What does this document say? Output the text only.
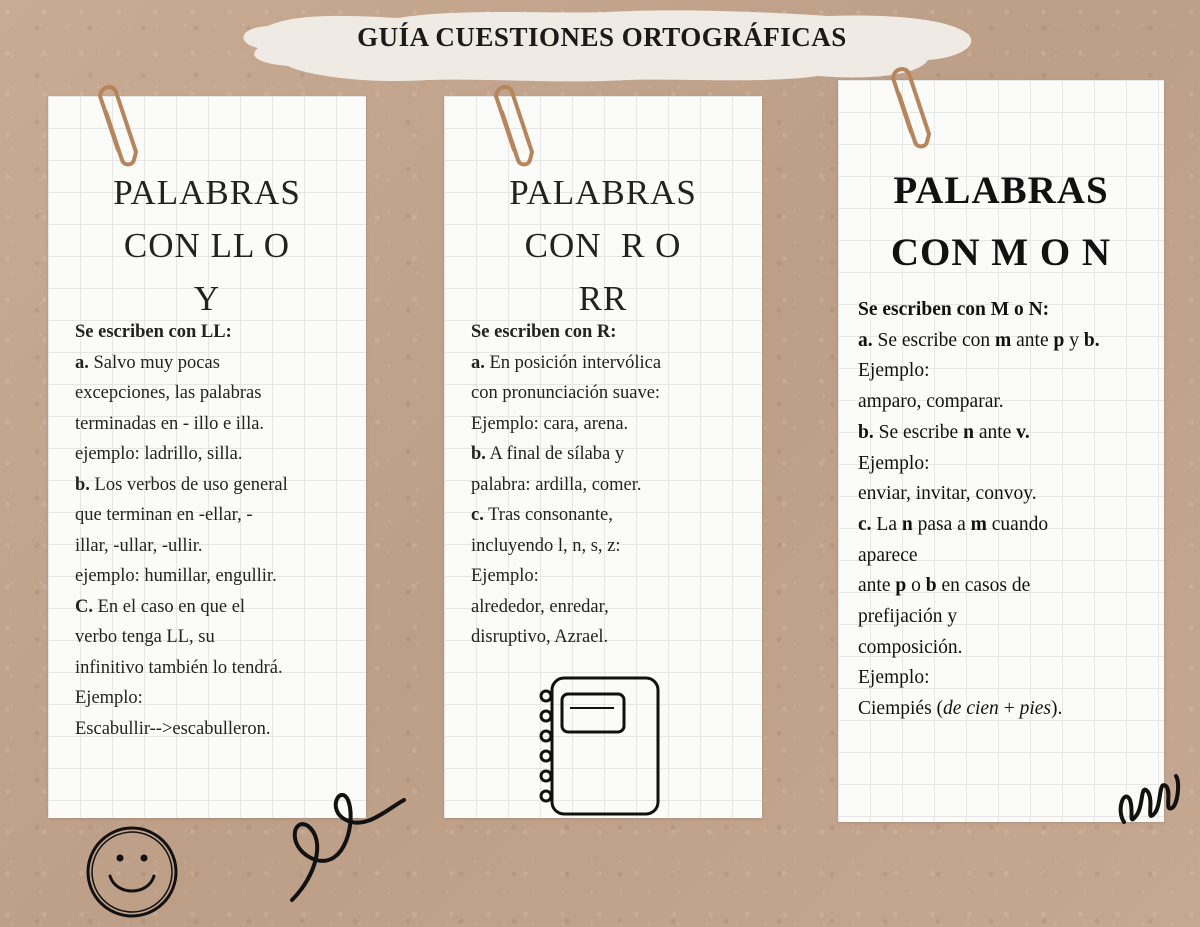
GUÍA CUESTIONES ORTOGRÁFICAS
PALABRAS
CON LL O
Y

Se escriben con LL:

a. Salvo muy pocas

excepciones, las palabras

terminadas en - illo e illa.

ejemplo: ladrillo, silla.

b. Los verbos de uso general

que terminan en -ellar, -

illar, -ullar, -ullir.

ejemplo: humillar, engullir.

C. En el caso en que el

verbo tenga LL, su

infinitivo también lo tendrá.

Ejemplo:

Escabullir-->escabulleron.

PALABRAS
CON  R O
RR

Se escriben con R:

a. En posición intervólica

con pronunciación suave:

Ejemplo: cara, arena.

b. A final de sílaba y

palabra: ardilla, comer.

c. Tras consonante,

incluyendo l, n, s, z:

Ejemplo:

alrededor, enredar,

disruptivo, Azrael.

PALABRAS
CON M O N

Se escriben con M o N:

a. Se escribe con m ante p y b.

Ejemplo:

amparo, comparar.

b. Se escribe n ante v.

Ejemplo:

enviar, invitar, convoy.

c. La n pasa a m cuando

aparece

ante p o b en casos de

prefijación y

composición.

Ejemplo:

Ciempiés (de cien + pies).
